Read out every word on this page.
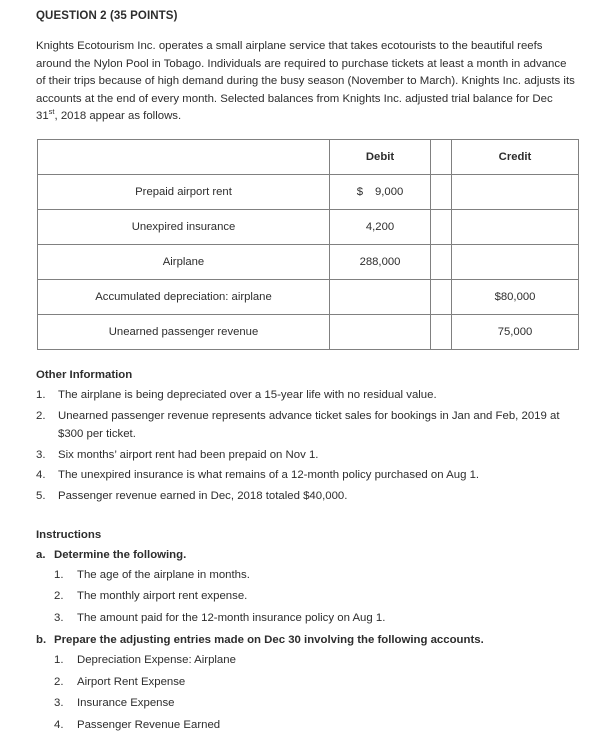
QUESTION 2 (35 POINTS)

Knights Ecotourism Inc. operates a small airplane service that takes ecotourists to the beautiful reefs around the Nylon Pool in Tobago. Individuals are required to purchase tickets at least a month in advance of their trips because of high demand during the busy season (November to March). Knights Inc. adjusts its accounts at the end of every month. Selected balances from Knights Inc. adjusted trial balance for Dec 31st, 2018 appear as follows.

	Debit		Credit
Prepaid airport rent	$ 9,000		
Unexpired insurance	4,200		
Airplane	288,000		
Accumulated depreciation: airplane			$80,000
Unearned passenger revenue			75,000
Other Information
1.	The airplane is being depreciated over a 15-year life with no residual value.
2.	Unearned passenger revenue represents advance ticket sales for bookings in Jan and Feb, 2019 at $300 per ticket.
3.	Six months’ airport rent had been prepaid on Nov 1.
4.	The unexpired insurance is what remains of a 12-month policy purchased on Aug 1.
5.	Passenger revenue earned in Dec, 2018 totaled $40,000.
Instructions
a. Determine the following.
1.	The age of the airplane in months.
2.	The monthly airport rent expense.
3.	The amount paid for the 12-month insurance policy on Aug 1.
b. Prepare the adjusting entries made on Dec 30 involving the following accounts.
1.	Depreciation Expense: Airplane
2.	Airport Rent Expense
3.	Insurance Expense
4.	Passenger Revenue Earned
